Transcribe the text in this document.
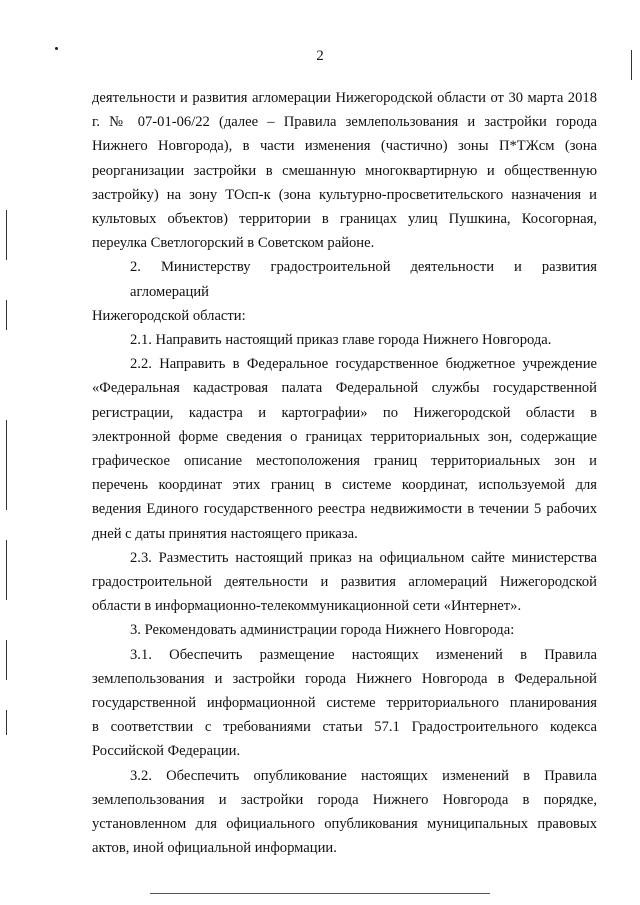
2

деятельности и развития агломерации Нижегородской области от 30 марта 2018
г. № 07-01-06/22 (далее – Правила землепользования и застройки города
Нижнего Новгорода), в части изменения (частично) зоны П*ТЖсм (зона
реорганизации застройки в смешанную многоквартирную и общественную
застройку) на зону ТОсп-к (зона культурно-просветительского назначения и
культовых объектов) территории в границах улиц Пушкина, Косогорная,
переулка Светлогорский в Советском районе.

2. Министерству градостроительной деятельности и развития агломераций
Нижегородской области:

2.1. Направить настоящий приказ главе города Нижнего Новгорода.

2.2. Направить в Федеральное государственное бюджетное учреждение
«Федеральная кадастровая палата Федеральной службы государственной
регистрации, кадастра и картографии» по Нижегородской области в
электронной форме сведения о границах территориальных зон, содержащие
графическое описание местоположения границ территориальных зон и
перечень координат этих границ в системе координат, используемой для
ведения Единого государственного реестра недвижимости в течении 5 рабочих
дней с даты принятия настоящего приказа.

2.3. Разместить настоящий приказ на официальном сайте министерства
градостроительной деятельности и развития агломераций Нижегородской
области в информационно-телекоммуникационной сети «Интернет».

3. Рекомендовать администрации города Нижнего Новгорода:

3.1. Обеспечить размещение настоящих изменений в Правила
землепользования и застройки города Нижнего Новгорода в Федеральной
государственной информационной системе территориального планирования
в соответствии с требованиями статьи 57.1 Градостроительного кодекса
Российской Федерации.

3.2. Обеспечить опубликование настоящих изменений в Правила
землепользования и застройки города Нижнего Новгорода в порядке,
установленном для официального опубликования муниципальных правовых
актов, иной официальной информации.
